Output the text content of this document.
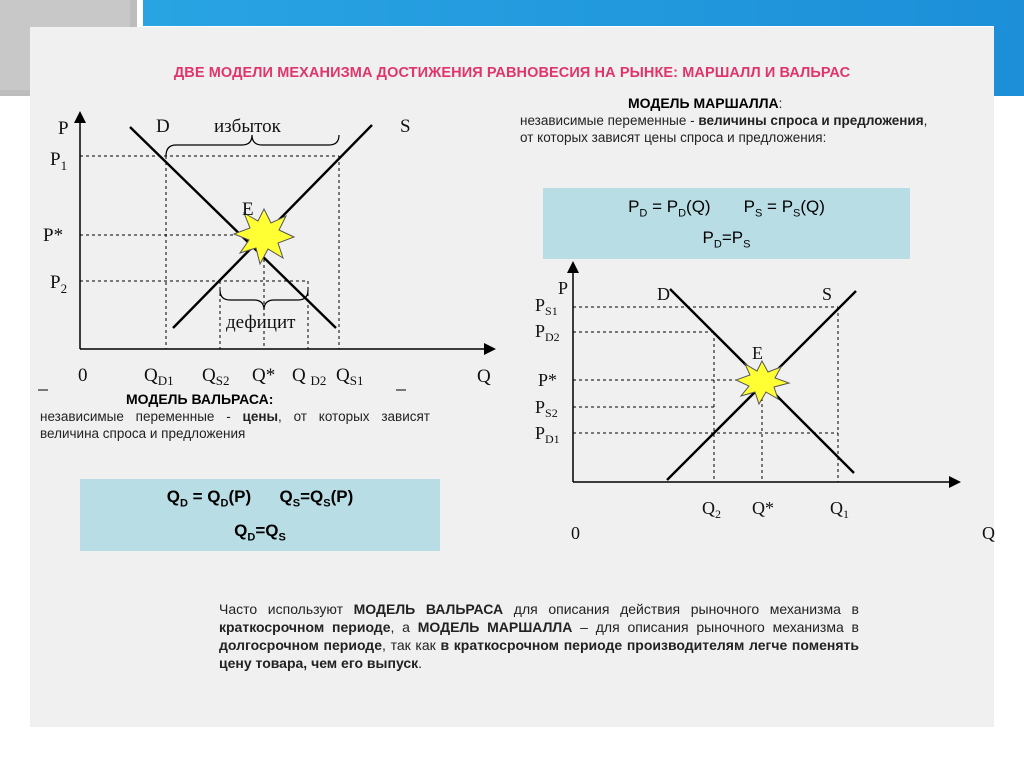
ДВЕ МОДЕЛИ МЕХАНИЗМА ДОСТИЖЕНИЯ РАВНОВЕСИЯ НА РЫНКЕ: МАРШАЛЛ И ВАЛЬРАС
P
Q
0
D	S
E
избыток
дефицит
$P_1$
P*
$P_2$
$Q_{D1}$ $Q_{S2}$ Q* Q $_{D2}$ $Q_{S1}$
МОДЕЛЬ ВАЛЬРАСА:
независимые переменные - цены, от которых зависят величина спроса и предложения
$Q_D = Q_D(P)$ $Q_S=Q_S(P)$
$Q_D=Q_S$
МОДЕЛЬ МАРШАЛЛА:
независимые переменные - величины спроса и предложения, от которых зависят цены спроса и предложения:
$P_D = P_D(Q) P_S = P_S(Q)$
$P_D=P_S$
P
Q
0
D	S
E
$P_{S1}$
$P_{D2}$
P*
$P_{S2}$
$P_{D1}$
$Q_2$ Q*	$Q_1$
Часто используют МОДЕЛЬ ВАЛЬРАСА для описания действия рыночного механизма в краткосрочном периоде, а МОДЕЛЬ МАРШАЛЛА – для описания рыночного механизма в долгосрочном периоде, так как в краткосрочном периоде производителям легче поменять цену товара, чем его выпуск.
